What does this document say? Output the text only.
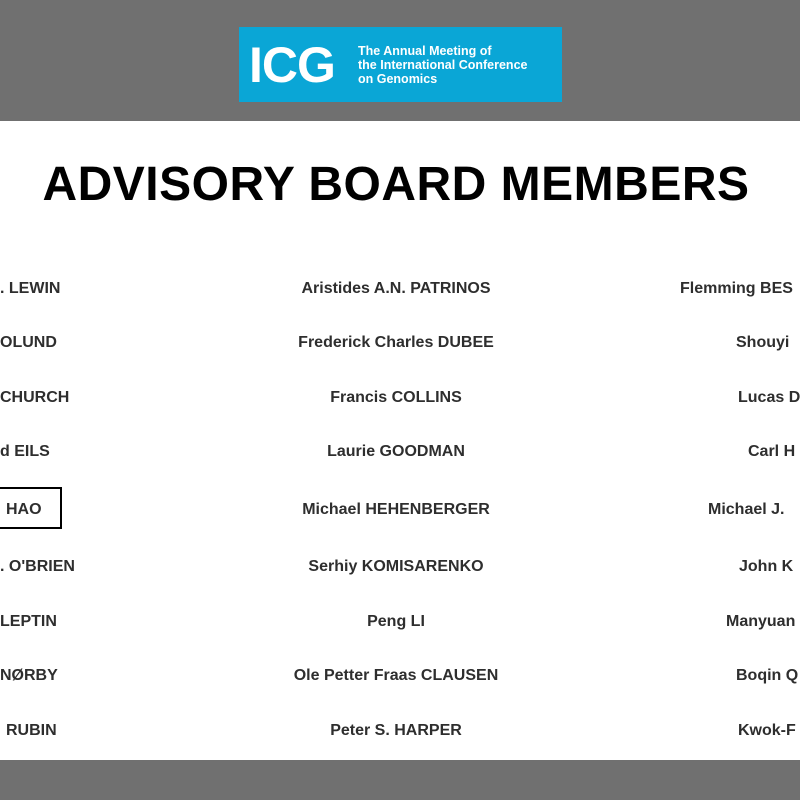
ICG The Annual Meeting of
the International Conference
on Genomics
ADVISORY BOARD MEMBERS
. LEWIN
OLUND
CHURCH
d EILS
HAO
. O'BRIEN
LEPTIN
NØRBY
RUBIN
Aristides A.N. PATRINOS
Frederick Charles DUBEE
Francis COLLINS
Laurie GOODMAN
Michael HEHENBERGER
Serhiy KOMISARENKO
Peng LI
Ole Petter Fraas CLAUSEN
Peter S. HARPER
Flemming BES
Shouyi
Lucas D
Carl H
Michael J.
John K
Manyuan
Boqin Q
Kwok-F
